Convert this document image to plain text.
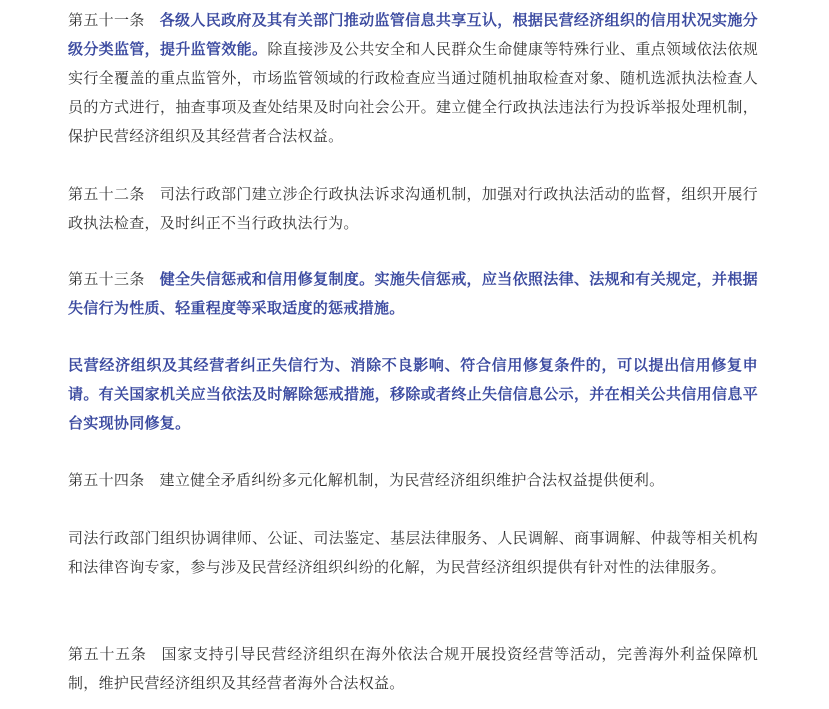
第五十一条 各级人民政府及其有关部门推动监管信息共享互认，根据民营经济组织的信用状况实施分级分类监管，提升监管效能。除直接涉及公共安全和人民群众生命健康等特殊行业、重点领域依法依规实行全覆盖的重点监管外，市场监管领域的行政检查应当通过随机抽取检查对象、随机选派执法检查人员的方式进行，抽查事项及查处结果及时向社会公开。建立健全行政执法违法行为投诉举报处理机制，保护民营经济组织及其经营者合法权益。

第五十二条 司法行政部门建立涉企行政执法诉求沟通机制，加强对行政执法活动的监督，组织开展行政执法检查，及时纠正不当行政执法行为。

第五十三条 健全失信惩戒和信用修复制度。实施失信惩戒，应当依照法律、法规和有关规定，并根据失信行为性质、轻重程度等采取适度的惩戒措施。

民营经济组织及其经营者纠正失信行为、消除不良影响、符合信用修复条件的，可以提出信用修复申请。有关国家机关应当依法及时解除惩戒措施，移除或者终止失信信息公示，并在相关公共信用信息平台实现协同修复。

第五十四条 建立健全矛盾纠纷多元化解机制，为民营经济组织维护合法权益提供便利。

司法行政部门组织协调律师、公证、司法鉴定、基层法律服务、人民调解、商事调解、仲裁等相关机构和法律咨询专家，参与涉及民营经济组织纠纷的化解，为民营经济组织提供有针对性的法律服务。

第五十五条 国家支持引导民营经济组织在海外依法合规开展投资经营等活动，完善海外利益保障机制，维护民营经济组织及其经营者海外合法权益。
